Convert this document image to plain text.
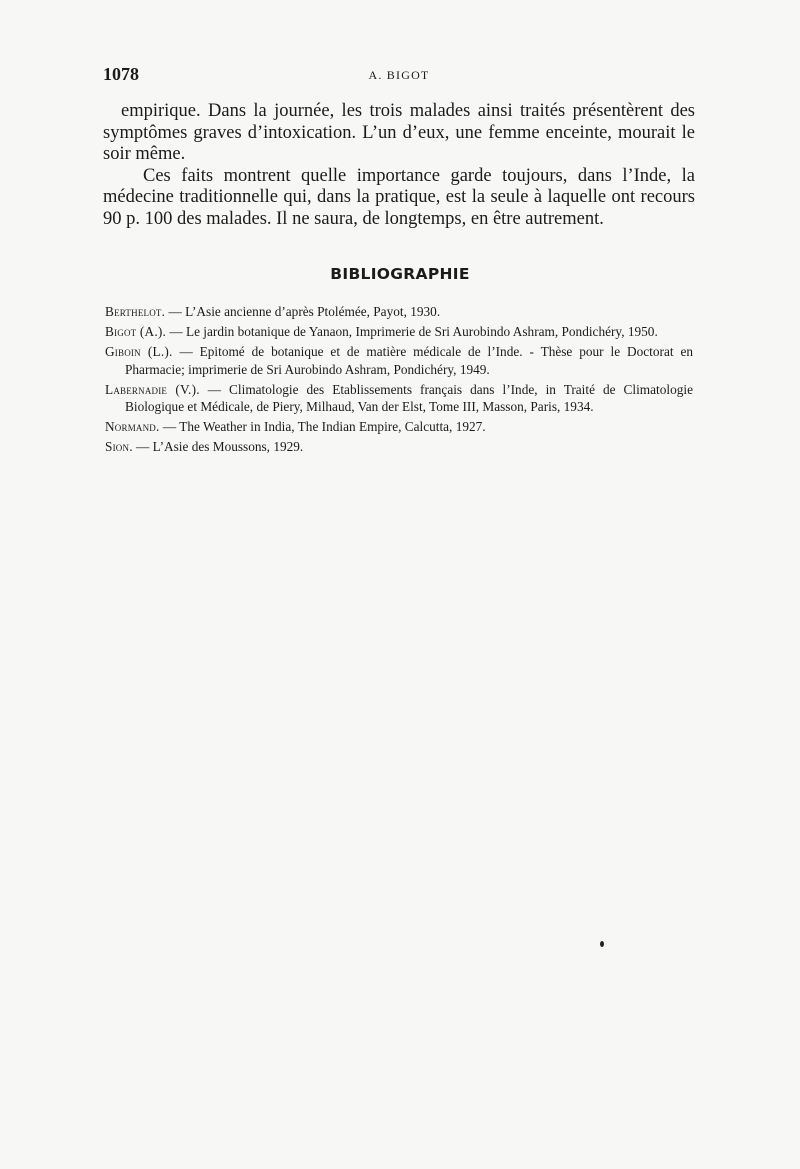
1078	A. BIGOT

empirique. Dans la journée, les trois malades ainsi traités présentèrent des symptômes graves d’intoxication. L’un d’eux, une femme enceinte, mourait le soir même.

Ces faits montrent quelle importance garde toujours, dans l’Inde, la médecine traditionnelle qui, dans la pratique, est la seule à laquelle ont recours 90 p. 100 des malades. Il ne saura, de longtemps, en être autrement.

BIBLIOGRAPHIE

Berthelot. — L’Asie ancienne d’après Ptolémée, Payot, 1930.

Bigot (A.). — Le jardin botanique de Yanaon, Imprimerie de Sri Aurobindo Ashram, Pondichéry, 1950.

Giboin (L.). — Epitomé de botanique et de matière médicale de l’Inde. - Thèse pour le Doctorat en Pharmacie; imprimerie de Sri Aurobindo Ashram, Pondichéry, 1949.

Labernadie (V.). — Climatologie des Etablissements français dans l’Inde, in Traité de Climatologie Biologique et Médicale, de Piery, Milhaud, Van der Elst, Tome III, Masson, Paris, 1934.

Normand. — The Weather in India, The Indian Empire, Calcutta, 1927.

Sion. — L’Asie des Moussons, 1929.
